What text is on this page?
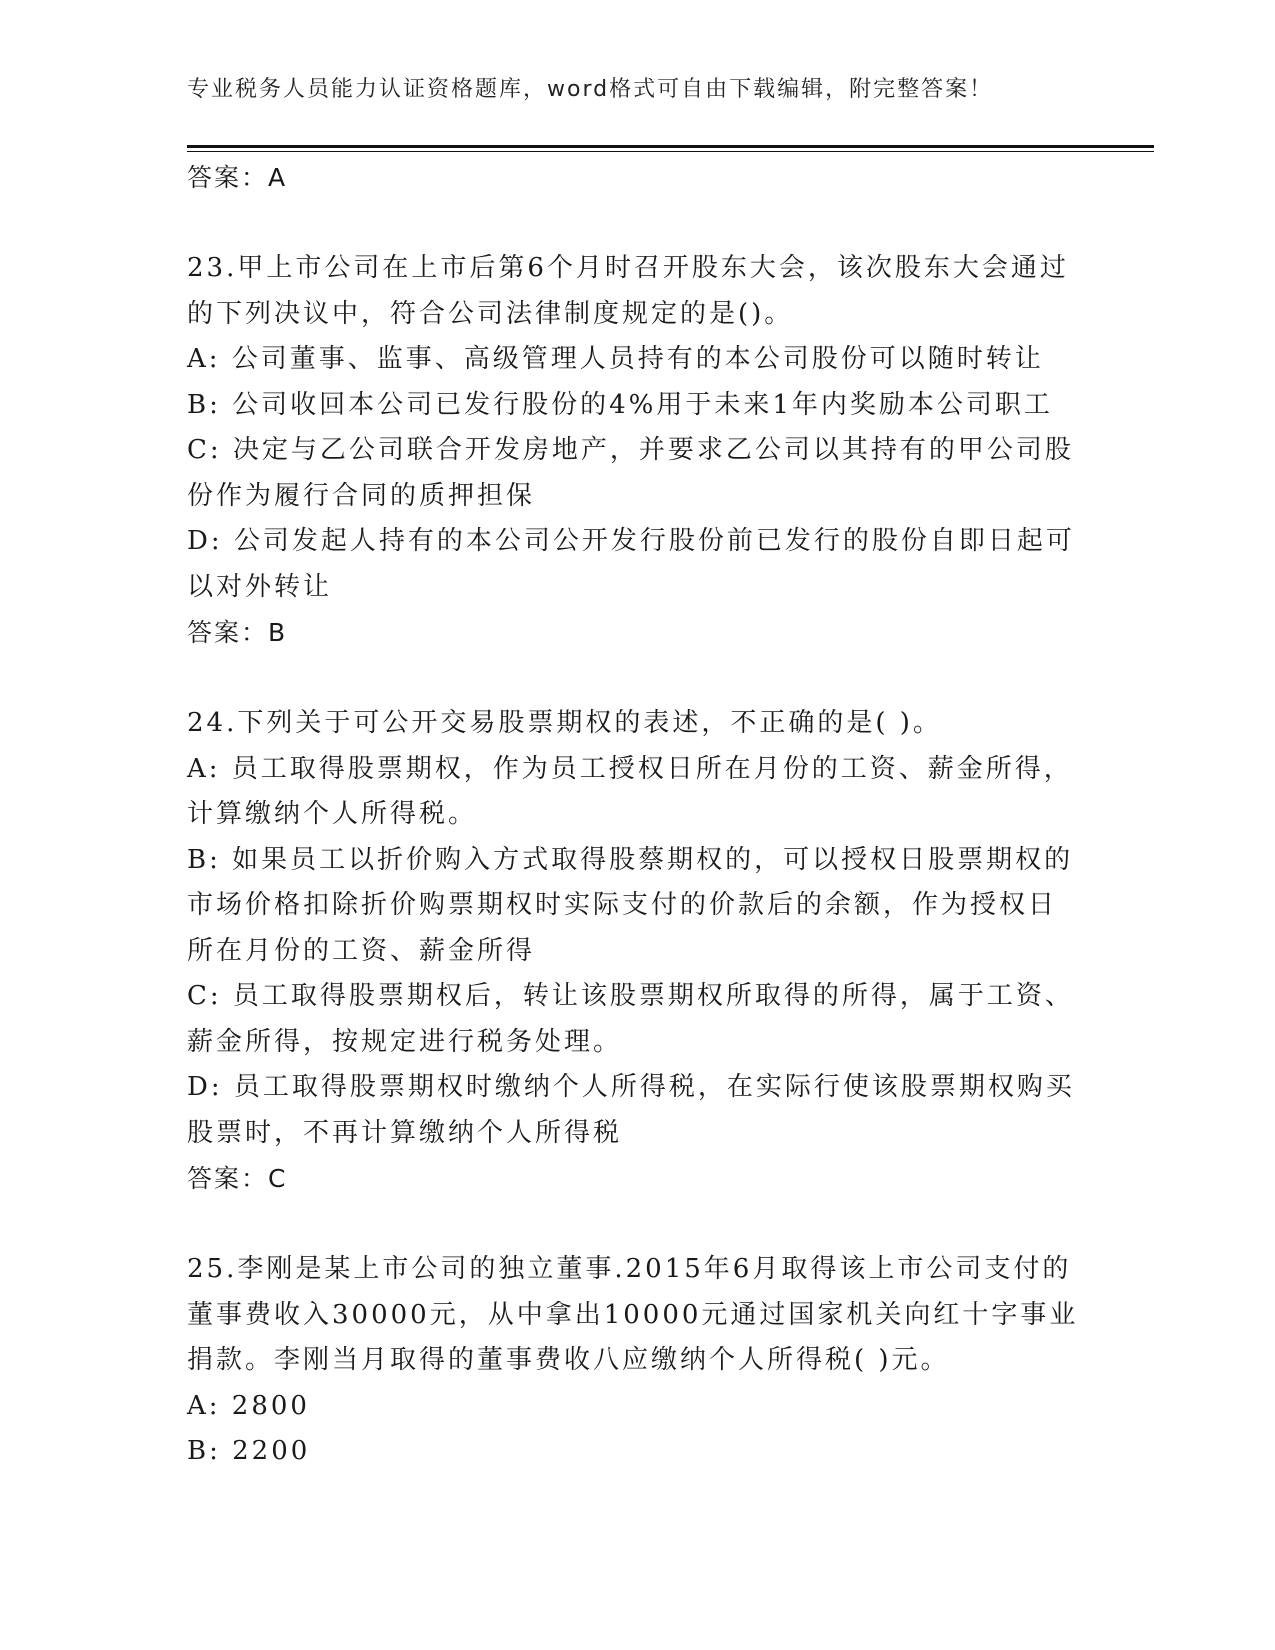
专业税务人员能力认证资格题库，word格式可自由下载编辑，附完整答案！
答案：A
23.甲上市公司在上市后第6个月时召开股东大会，该次股东大会通过
的下列决议中，符合公司法律制度规定的是()。
A: 公司董事、监事、高级管理人员持有的本公司股份可以随时转让
B: 公司收回本公司已发行股份的4%用于未来1年内奖励本公司职工
C: 决定与乙公司联合开发房地产，并要求乙公司以其持有的甲公司股
份作为履行合同的质押担保
D: 公司发起人持有的本公司公开发行股份前已发行的股份自即日起可
以对外转让
答案：B
24.下列关于可公开交易股票期权的表述，不正确的是( )。
A: 员工取得股票期权，作为员工授权日所在月份的工资、薪金所得，
计算缴纳个人所得税。
B: 如果员工以折价购入方式取得股蔡期权的，可以授权日股票期权的
市场价格扣除折价购票期权时实际支付的价款后的余额，作为授权日
所在月份的工资、薪金所得
C: 员工取得股票期权后，转让该股票期权所取得的所得，属于工资、
薪金所得，按规定进行税务处理。
D: 员工取得股票期权时缴纳个人所得税，在实际行使该股票期权购买
股票时，不再计算缴纳个人所得税
答案：C
25.李刚是某上市公司的独立董事.2015年6月取得该上市公司支付的
董事费收入30000元，从中拿出10000元通过国家机关向红十字事业
捐款。李刚当月取得的董事费收八应缴纳个人所得税( )元。
A: 2800
B: 2200
